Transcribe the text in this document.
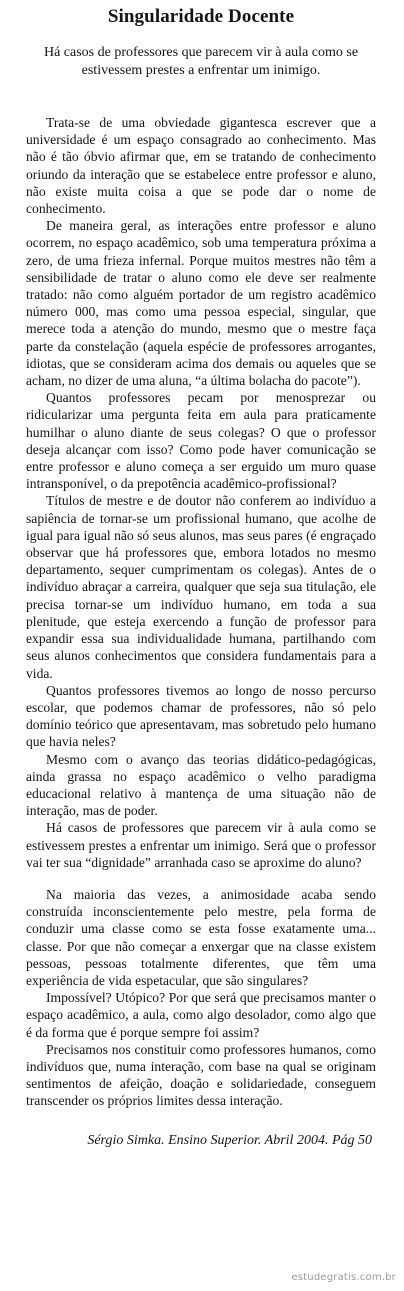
Singularidade Docente
Há casos de professores que parecem vir à aula como se estivessem prestes a enfrentar um inimigo.

Trata-se de uma obviedade gigantesca escrever que a universidade é um espaço consagrado ao conhecimento. Mas não é tão óbvio afirmar que, em se tratando de conhecimento oriundo da interação que se estabelece entre professor e aluno, não existe muita coisa a que se pode dar o nome de conhecimento.

De maneira geral, as interações entre professor e aluno ocorrem, no espaço acadêmico, sob uma temperatura próxima a zero, de uma frieza infernal. Porque muitos mestres não têm a sensibilidade de tratar o aluno como ele deve ser realmente tratado: não como alguém portador de um registro acadêmico número 000, mas como uma pessoa especial, singular, que merece toda a atenção do mundo, mesmo que o mestre faça parte da constelação (aquela espécie de professores arrogantes, idiotas, que se consideram acima dos demais ou aqueles que se acham, no dizer de uma aluna, “a última bolacha do pacote”).

Quantos professores pecam por menosprezar ou ridicularizar uma pergunta feita em aula para praticamente humilhar o aluno diante de seus colegas? O que o professor deseja alcançar com isso? Como pode haver comunicação se entre professor e aluno começa a ser erguido um muro quase intransponível, o da prepotência acadêmico-profissional?

Títulos de mestre e de doutor não conferem ao indivíduo a sapiência de tornar-se um profissional humano, que acolhe de igual para igual não só seus alunos, mas seus pares (é engraçado observar que há professores que, embora lotados no mesmo departamento, sequer cumprimentam os colegas). Antes de o indivíduo abraçar a carreira, qualquer que seja sua titulação, ele precisa tornar-se um indivíduo humano, em toda a sua plenitude, que esteja exercendo a função de professor para expandir essa sua individualidade humana, partilhando com seus alunos conhecimentos que considera fundamentais para a vida.

Quantos professores tivemos ao longo de nosso percurso escolar, que podemos chamar de professores, não só pelo domínio teórico que apresentavam, mas sobretudo pelo humano que havia neles?

Mesmo com o avanço das teorias didático-pedagógicas, ainda grassa no espaço acadêmico o velho paradigma educacional relativo à mantença de uma situação não de interação, mas de poder.

Há casos de professores que parecem vir à aula como se estivessem prestes a enfrentar um inimigo. Será que o professor vai ter sua “dignidade” arranhada caso se aproxime do aluno?

Na maioria das vezes, a animosidade acaba sendo construída inconscientemente pelo mestre, pela forma de conduzir uma classe como se esta fosse exatamente uma... classe. Por que não começar a enxergar que na classe existem pessoas, pessoas totalmente diferentes, que têm uma experiência de vida espetacular, que são singulares?

Impossível? Utópico? Por que será que precisamos manter o espaço acadêmico, a aula, como algo desolador, como algo que é da forma que é porque sempre foi assim?

Precisamos nos constituir como professores humanos, como indivíduos que, numa interação, com base na qual se originam sentimentos de afeição, doação e solidariedade, conseguem transcender os próprios limites dessa interação.

Sérgio Simka. Ensino Superior. Abril 2004. Pág 50
estudegratis.com.br
